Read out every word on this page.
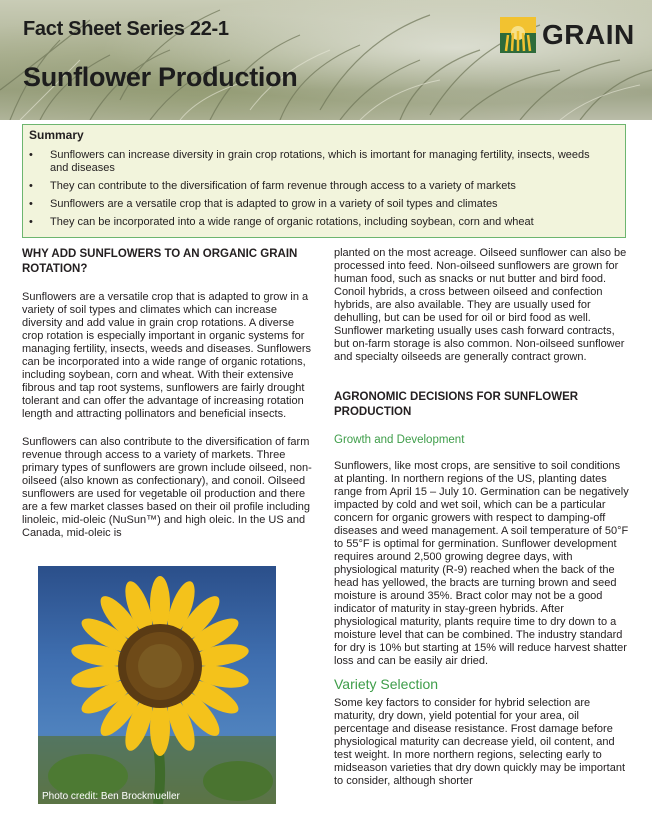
Fact Sheet Series 22-1
Sunflower Production
GRAIN
Summary
• Sunflowers can increase diversity in grain crop rotations, which is imortant for managing fertility, insects, weeds and diseases
• They can contribute to the diversification of farm revenue through access to a variety of markets
• Sunflowers are a versatile crop that is adapted to grow in a variety of soil types and climates
• They can be incorporated into a wide range of organic rotations, including soybean, corn and wheat
WHY ADD SUNFLOWERS TO AN ORGANIC GRAIN ROTATION?

Sunflowers are a versatile crop that is adapted to grow in a variety of soil types and climates which can increase diversity and add value in grain crop rotations. A diverse crop rotation is especially important in organic systems for managing fertility, insects, weeds and diseases. Sunflowers can be incorporated into a wide range of organic rotations, including soybean, corn and wheat. With their extensive fibrous and tap root systems, sunflowers are fairly drought tolerant and can offer the advantage of increasing rotation length and attracting pollinators and beneficial insects.

Sunflowers can also contribute to the diversification of farm revenue through access to a variety of markets. Three primary types of sunflowers are grown include oilseed, non-oilseed (also known as confectionary), and conoil. Oilseed sunflowers are used for vegetable oil production and there are a few market classes based on their oil profile including linoleic, mid-oleic (NuSun™) and high oleic. In the US and Canada, mid-oleic is

Photo credit: Ben Brockmueller

planted on the most acreage. Oilseed sunflower can also be processed into feed. Non-oilseed sunflowers are grown for human food, such as snacks or nut butter and bird food. Conoil hybrids, a cross between oilseed and confection hybrids, are also available. They are usually used for dehulling, but can be used for oil or bird food as well. Sunflower marketing usually uses cash forward contracts, but on-farm storage is also common. Non-oilseed sunflower and specialty oilseeds are generally contract grown.

AGRONOMIC DECISIONS FOR SUNFLOWER PRODUCTION
Growth and Development

Sunflowers, like most crops, are sensitive to soil conditions at planting. In northern regions of the US, planting dates range from April 15 – July 10. Germination can be negatively impacted by cold and wet soil, which can be a particular concern for organic growers with respect to damping-off diseases and weed management. A soil temperature of 50°F to 55°F is optimal for germination. Sunflower development requires around 2,500 growing degree days, with physiological maturity (R-9) reached when the back of the head has yellowed, the bracts are turning brown and seed moisture is around 35%. Bract color may not be a good indicator of maturity in stay-green hybrids. After physiological maturity, plants require time to dry down to a moisture level that can be combined. The industry standard for dry is 10% but starting at 15% will reduce harvest shatter loss and can be easily air dried.

Variety Selection

Some key factors to consider for hybrid selection are maturity, dry down, yield potential for your area, oil percentage and disease resistance. Frost damage before physiological maturity can decrease yield, oil content, and test weight. In more northern regions, selecting early to midseason varieties that dry down quickly may be important to consider, although shorter
